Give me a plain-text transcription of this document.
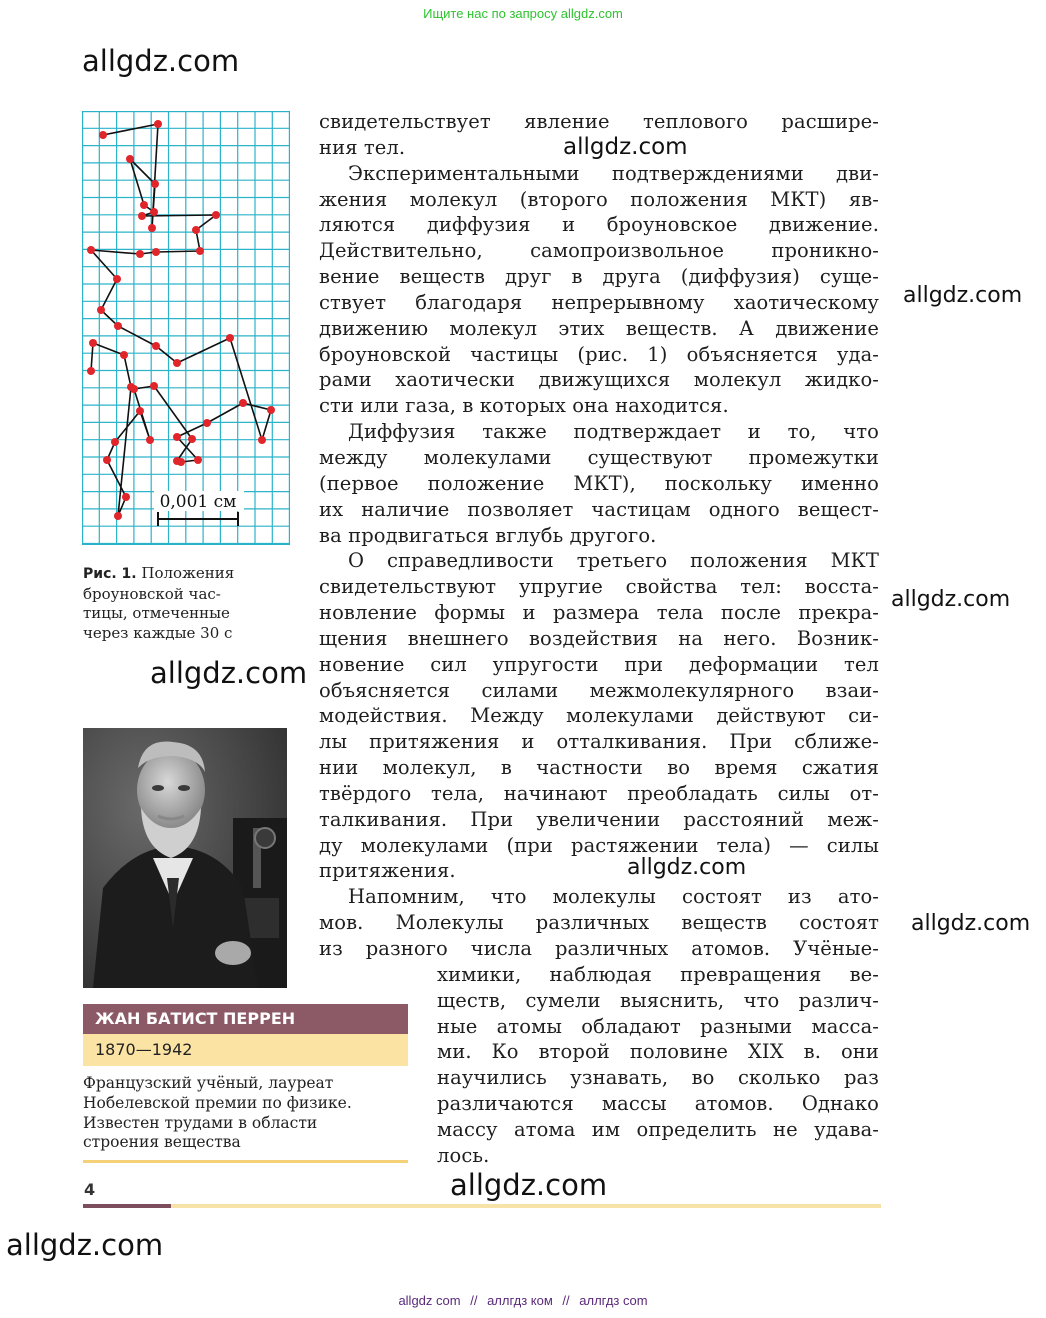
Ищите нас по запросу allgdz.com
allgdz.com
allgdz.com
allgdz.com
allgdz.com
allgdz.com
allgdz.com
allgdz.com
allgdz.com
allgdz.com
0,001 см
Рис. 1. Положения
броуновской час-
тицы, отмеченные
через каждые 30 с
ЖАН БАТИСТ ПЕРРЕН
1870—1942
Французский учёный, лауреат
Нобелевской премии по физике.
Известен трудами в области
строения вещества
свидетельствует явление теплового расшире-
ния тел.
Экспериментальными подтверждениями дви-
жения молекул (второго положения МКТ) яв-
ляются диффузия и броуновское движение.
Действительно, самопроизвольное проникно-
вение веществ друг в друга (диффузия) суще-
ствует благодаря непрерывному хаотическому
движению молекул этих веществ. А движение
броуновской частицы (рис. 1) объясняется уда-
рами хаотически движущихся молекул жидко-
сти или газа, в которых она находится.
Диффузия также подтверждает и то, что
между молекулами существуют промежутки
(первое положение МКТ), поскольку именно
их наличие позволяет частицам одного вещест-
ва продвигаться вглубь другого.
О справедливости третьего положения МКТ
свидетельствуют упругие свойства тел: восста-
новление формы и размера тела после прекра-
щения внешнего воздействия на него. Возник-
новение сил упругости при деформации тел
объясняется силами межмолекулярного взаи-
модействия. Между молекулами действуют си-
лы притяжения и отталкивания. При сближе-
нии молекул, в частности во время сжатия
твёрдого тела, начинают преобладать силы от-
талкивания. При увеличении расстояний меж-
ду молекулами (при растяжении тела) — силы
притяжения.
Напомним, что молекулы состоят из ато-
мов. Молекулы различных веществ состоят
из разного числа различных атомов. Учёные-
химики, наблюдая превращения ве-
ществ, сумели выяснить, что различ-
ные атомы обладают разными масса-
ми. Ко второй половине XIX в. они
научились узнавать, во сколько раз
различаются массы атомов. Однако
массу атома им определить не удава-
лось.
4
allgdz com // аллгдз ком // аллгдз com
